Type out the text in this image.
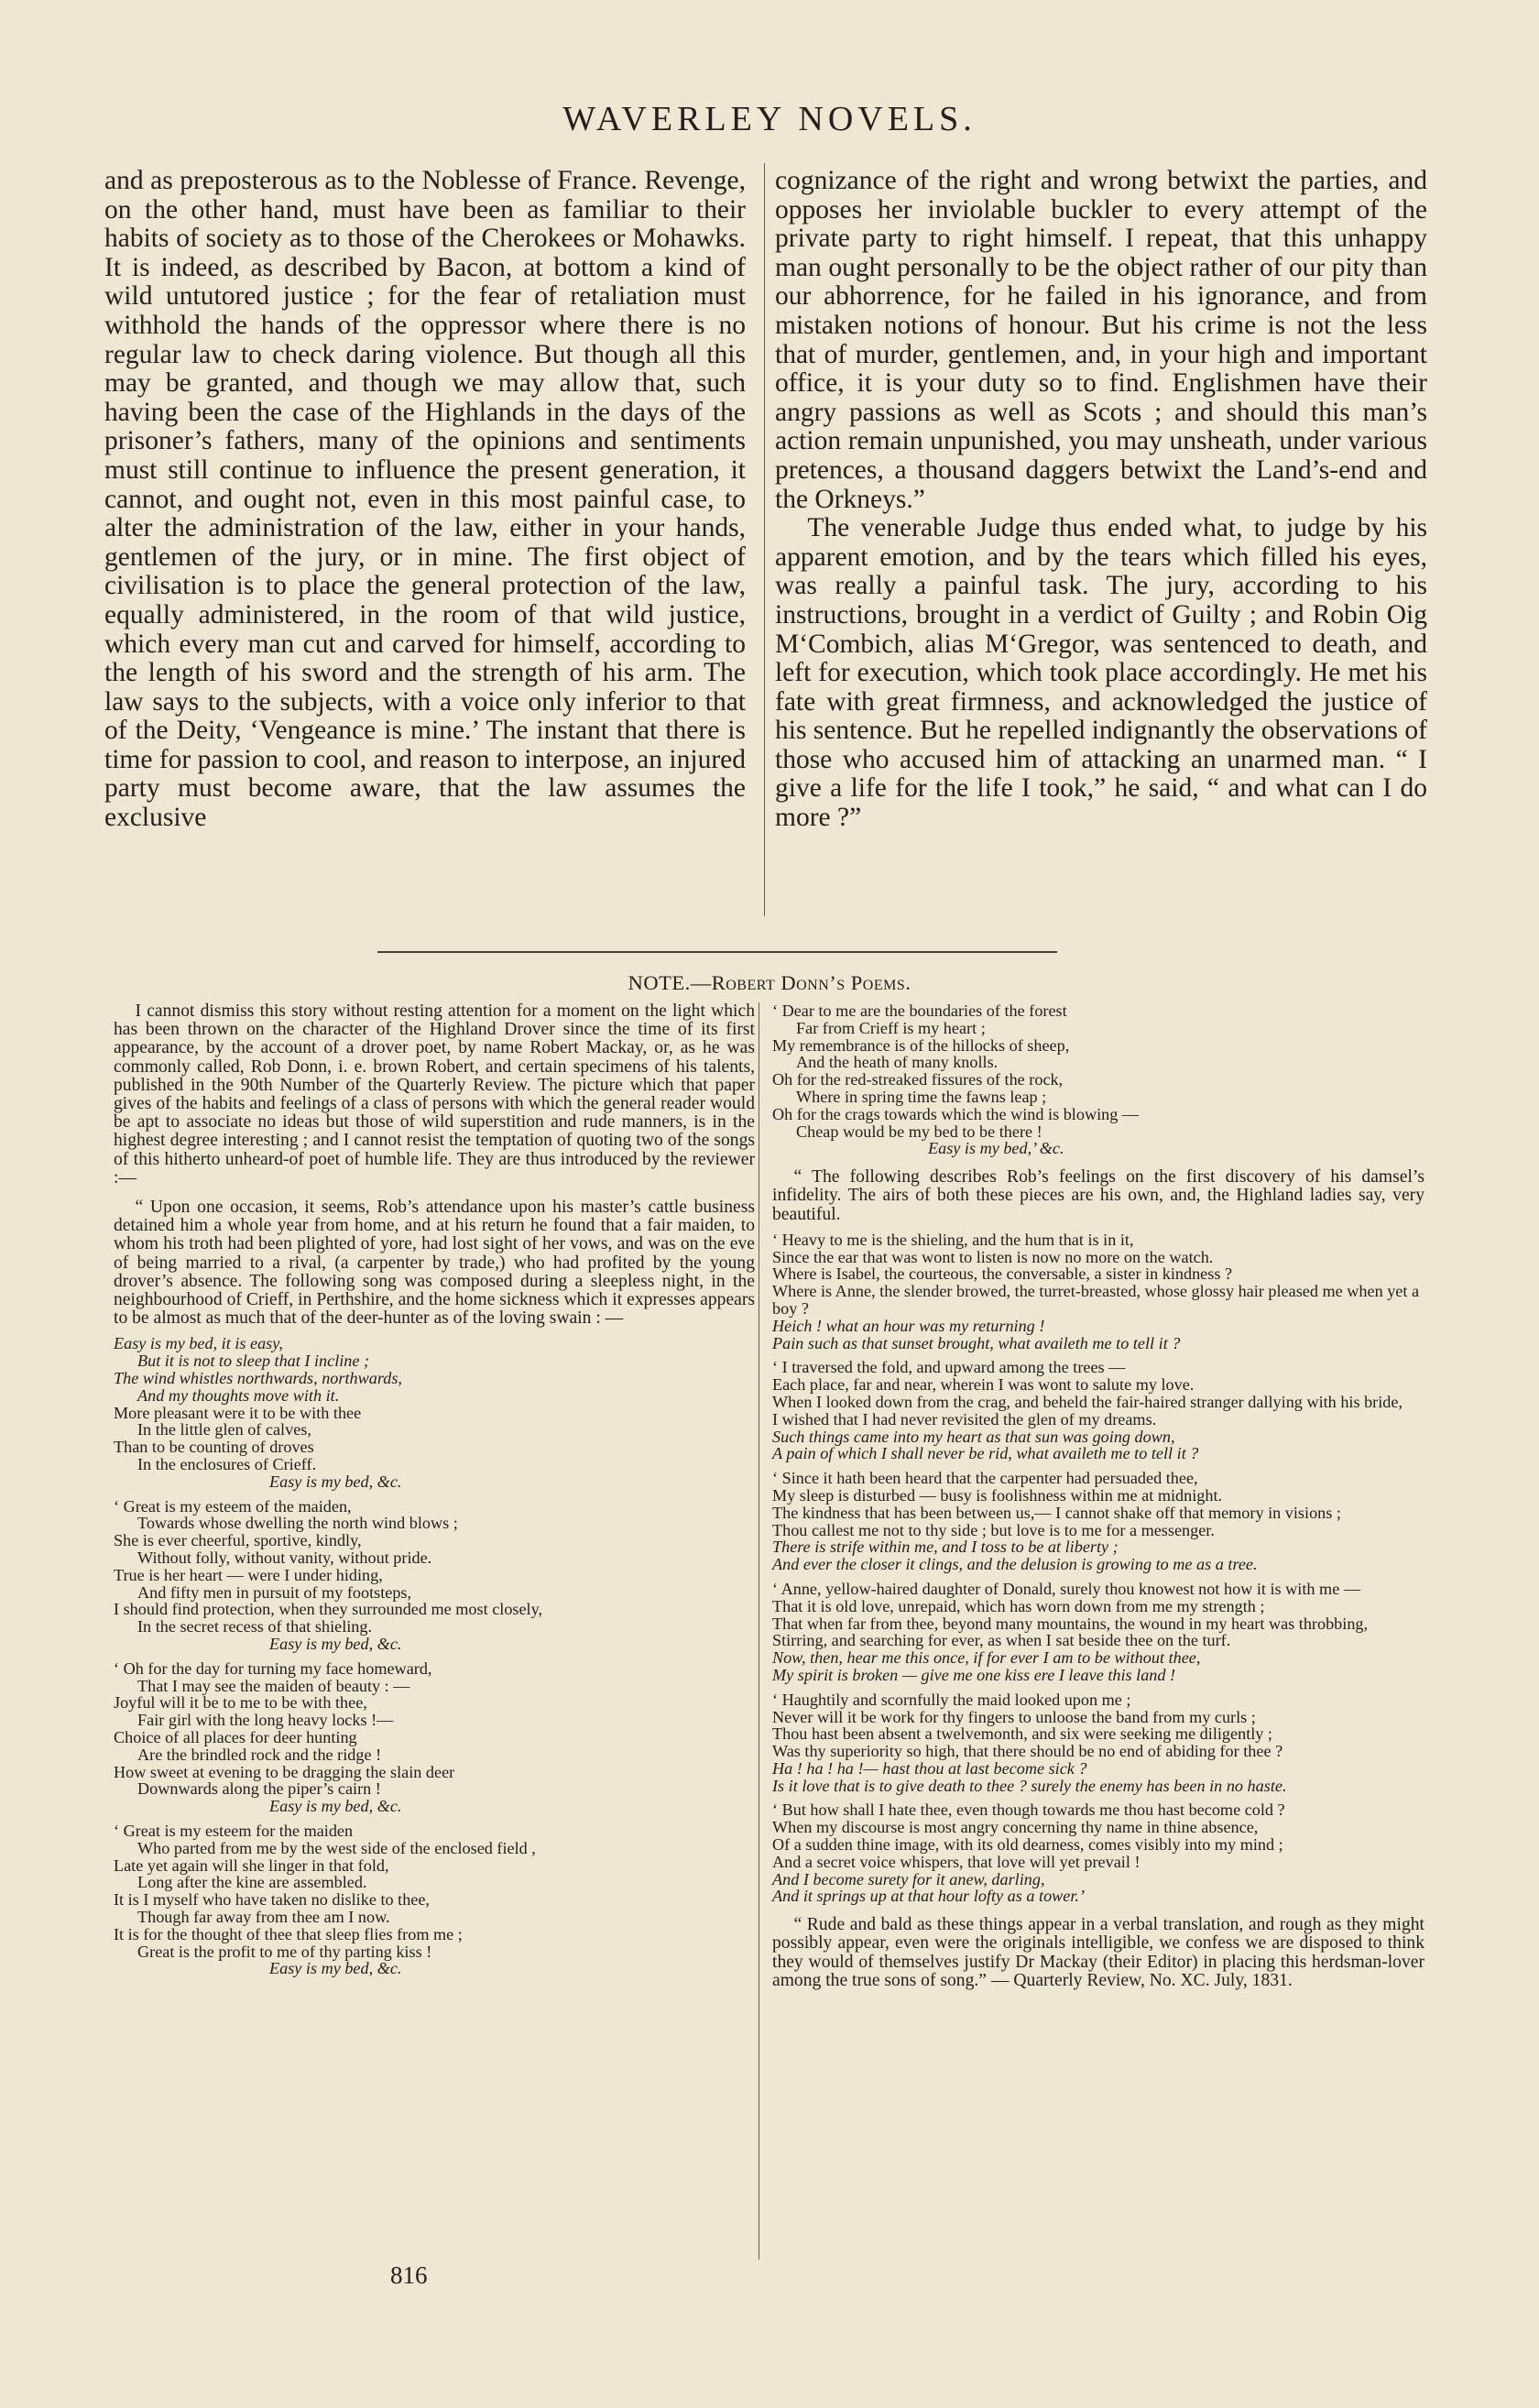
WAVERLEY NOVELS.

and as preposterous as to the Noblesse of France. Revenge, on the other hand, must have been as familiar to their habits of society as to those of the Cherokees or Mohawks. It is indeed, as described by Bacon, at bottom a kind of wild untutored justice ; for the fear of retaliation must withhold the hands of the oppressor where there is no regular law to check daring violence. But though all this may be granted, and though we may allow that, such having been the case of the Highlands in the days of the prisoner’s fathers, many of the opinions and sentiments must still continue to influence the present generation, it cannot, and ought not, even in this most painful case, to alter the administration of the law, either in your hands, gentlemen of the jury, or in mine. The first object of civilisation is to place the general protection of the law, equally administered, in the room of that wild justice, which every man cut and carved for himself, according to the length of his sword and the strength of his arm. The law says to the subjects, with a voice only inferior to that of the Deity, ‘Vengeance is mine.’ The instant that there is time for passion to cool, and reason to interpose, an injured party must become aware, that the law assumes the exclusive

cognizance of the right and wrong betwixt the parties, and opposes her inviolable buckler to every attempt of the private party to right himself. I repeat, that this unhappy man ought personally to be the object rather of our pity than our abhorrence, for he failed in his ignorance, and from mistaken notions of honour. But his crime is not the less that of murder, gentlemen, and, in your high and important office, it is your duty so to find. Englishmen have their angry passions as well as Scots ; and should this man’s action remain unpunished, you may unsheath, under various pretences, a thousand daggers betwixt the Land’s-end and the Orkneys.”

The venerable Judge thus ended what, to judge by his apparent emotion, and by the tears which filled his eyes, was really a painful task. The jury, according to his instructions, brought in a verdict of Guilty ; and Robin Oig M‘Combich, alias M‘Gregor, was sentenced to death, and left for execution, which took place accordingly. He met his fate with great firmness, and acknowledged the justice of his sentence. But he repelled indignantly the observations of those who accused him of attacking an unarmed man. “ I give a life for the life I took,” he said, “ and what can I do more ?”

NOTE.—Robert Donn’s Poems.

I cannot dismiss this story without resting attention for a moment on the light which has been thrown on the character of the Highland Drover since the time of its first appearance, by the account of a drover poet, by name Robert Mackay, or, as he was commonly called, Rob Donn, i. e. brown Robert, and certain specimens of his talents, published in the 90th Number of the Quarterly Review. The picture which that paper gives of the habits and feelings of a class of persons with which the general reader would be apt to associate no ideas but those of wild superstition and rude manners, is in the highest degree interesting ; and I cannot resist the temptation of quoting two of the songs of this hitherto unheard-of poet of humble life. They are thus introduced by the reviewer :—

“ Upon one occasion, it seems, Rob’s attendance upon his master’s cattle business detained him a whole year from home, and at his return he found that a fair maiden, to whom his troth had been plighted of yore, had lost sight of her vows, and was on the eve of being married to a rival, (a carpenter by trade,) who had profited by the young drover’s absence. The following song was composed during a sleepless night, in the neighbourhood of Crieff, in Perthshire, and the home sickness which it expresses appears to be almost as much that of the deer-hunter as of the loving swain : —

Easy is my bed, it is easy,
But it is not to sleep that I incline ;
The wind whistles northwards, northwards,
And my thoughts move with it.
More pleasant were it to be with thee
In the little glen of calves,
Than to be counting of droves
In the enclosures of Crieff.
Easy is my bed, &c.
‘ Great is my esteem of the maiden,
Towards whose dwelling the north wind blows ;
She is ever cheerful, sportive, kindly,
Without folly, without vanity, without pride.
True is her heart — were I under hiding,
And fifty men in pursuit of my footsteps,
I should find protection, when they surrounded me most closely,
In the secret recess of that shieling.
Easy is my bed, &c.
‘ Oh for the day for turning my face homeward,
That I may see the maiden of beauty : —
Joyful will it be to me to be with thee,
Fair girl with the long heavy locks !—
Choice of all places for deer hunting
Are the brindled rock and the ridge !
How sweet at evening to be dragging the slain deer
Downwards along the piper’s cairn !
Easy is my bed, &c.
‘ Great is my esteem for the maiden
Who parted from me by the west side of the enclosed field ,
Late yet again will she linger in that fold,
Long after the kine are assembled.
It is I myself who have taken no dislike to thee,
Though far away from thee am I now.
It is for the thought of thee that sleep flies from me ;
Great is the profit to me of thy parting kiss !
Easy is my bed, &c.
‘ Dear to me are the boundaries of the forest
Far from Crieff is my heart ;
My remembrance is of the hillocks of sheep,
And the heath of many knolls.
Oh for the red-streaked fissures of the rock,
Where in spring time the fawns leap ;
Oh for the crags towards which the wind is blowing —
Cheap would be my bed to be there !
Easy is my bed,’ &c.

“ The following describes Rob’s feelings on the first discovery of his damsel’s infidelity. The airs of both these pieces are his own, and, the Highland ladies say, very beautiful.

‘ Heavy to me is the shieling, and the hum that is in it,
Since the ear that was wont to listen is now no more on the watch.
Where is Isabel, the courteous, the conversable, a sister in kindness ?
Where is Anne, the slender browed, the turret-breasted, whose glossy hair pleased me when yet a boy ?
Heich ! what an hour was my returning !
Pain such as that sunset brought, what availeth me to tell it ?
‘ I traversed the fold, and upward among the trees —
Each place, far and near, wherein I was wont to salute my love.
When I looked down from the crag, and beheld the fair-haired stranger dallying with his bride,
I wished that I had never revisited the glen of my dreams.
Such things came into my heart as that sun was going down,
A pain of which I shall never be rid, what availeth me to tell it ?
‘ Since it hath been heard that the carpenter had persuaded thee,
My sleep is disturbed — busy is foolishness within me at midnight.
The kindness that has been between us,— I cannot shake off that memory in visions ;
Thou callest me not to thy side ; but love is to me for a messenger.
There is strife within me, and I toss to be at liberty ;
And ever the closer it clings, and the delusion is growing to me as a tree.
‘ Anne, yellow-haired daughter of Donald, surely thou knowest not how it is with me —
That it is old love, unrepaid, which has worn down from me my strength ;
That when far from thee, beyond many mountains, the wound in my heart was throbbing,
Stirring, and searching for ever, as when I sat beside thee on the turf.
Now, then, hear me this once, if for ever I am to be without thee,
My spirit is broken — give me one kiss ere I leave this land !
‘ Haughtily and scornfully the maid looked upon me ;
Never will it be work for thy fingers to unloose the band from my curls ;
Thou hast been absent a twelvemonth, and six were seeking me diligently ;
Was thy superiority so high, that there should be no end of abiding for thee ?
Ha ! ha ! ha !— hast thou at last become sick ?
Is it love that is to give death to thee ? surely the enemy has been in no haste.
‘ But how shall I hate thee, even though towards me thou hast become cold ?
When my discourse is most angry concerning thy name in thine absence,
Of a sudden thine image, with its old dearness, comes visibly into my mind ;
And a secret voice whispers, that love will yet prevail !
And I become surety for it anew, darling,
And it springs up at that hour lofty as a tower.’

“ Rude and bald as these things appear in a verbal translation, and rough as they might possibly appear, even were the originals intelligible, we confess we are disposed to think they would of themselves justify Dr Mackay (their Editor) in placing this herdsman-lover among the true sons of song.” — Quarterly Review, No. XC. July, 1831.

816
